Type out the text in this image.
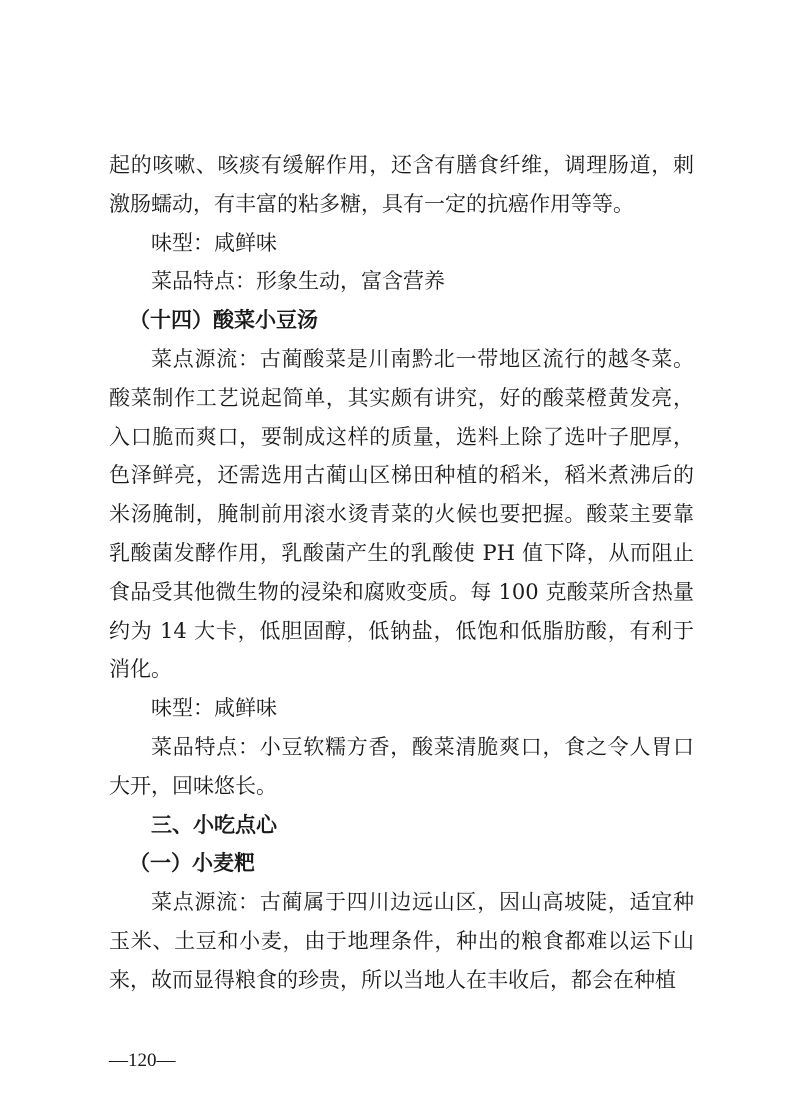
起的咳嗽、咳痰有缓解作用，还含有膳食纤维，调理肠道，刺激肠蠕动，有丰富的粘多糖，具有一定的抗癌作用等等。

味型：咸鲜味

菜品特点：形象生动，富含营养

（十四）酸菜小豆汤

菜点源流：古蔺酸菜是川南黔北一带地区流行的越冬菜。酸菜制作工艺说起简单，其实颇有讲究，好的酸菜橙黄发亮，入口脆而爽口，要制成这样的质量，选料上除了选叶子肥厚，色泽鲜亮，还需选用古蔺山区梯田种植的稻米，稻米煮沸后的米汤腌制，腌制前用滚水烫青菜的火候也要把握。酸菜主要靠乳酸菌发酵作用，乳酸菌产生的乳酸使 PH 值下降，从而阻止食品受其他微生物的浸染和腐败变质。每 100 克酸菜所含热量约为 14 大卡，低胆固醇，低钠盐，低饱和低脂肪酸，有利于消化。

味型：咸鲜味

菜品特点：小豆软糯方香，酸菜清脆爽口，食之令人胃口大开，回味悠长。

三、小吃点心

（一）小麦粑

菜点源流：古蔺属于四川边远山区，因山高坡陡，适宜种玉米、土豆和小麦，由于地理条件，种出的粮食都难以运下山来，故而显得粮食的珍贵，所以当地人在丰收后，都会在种植

—120—
